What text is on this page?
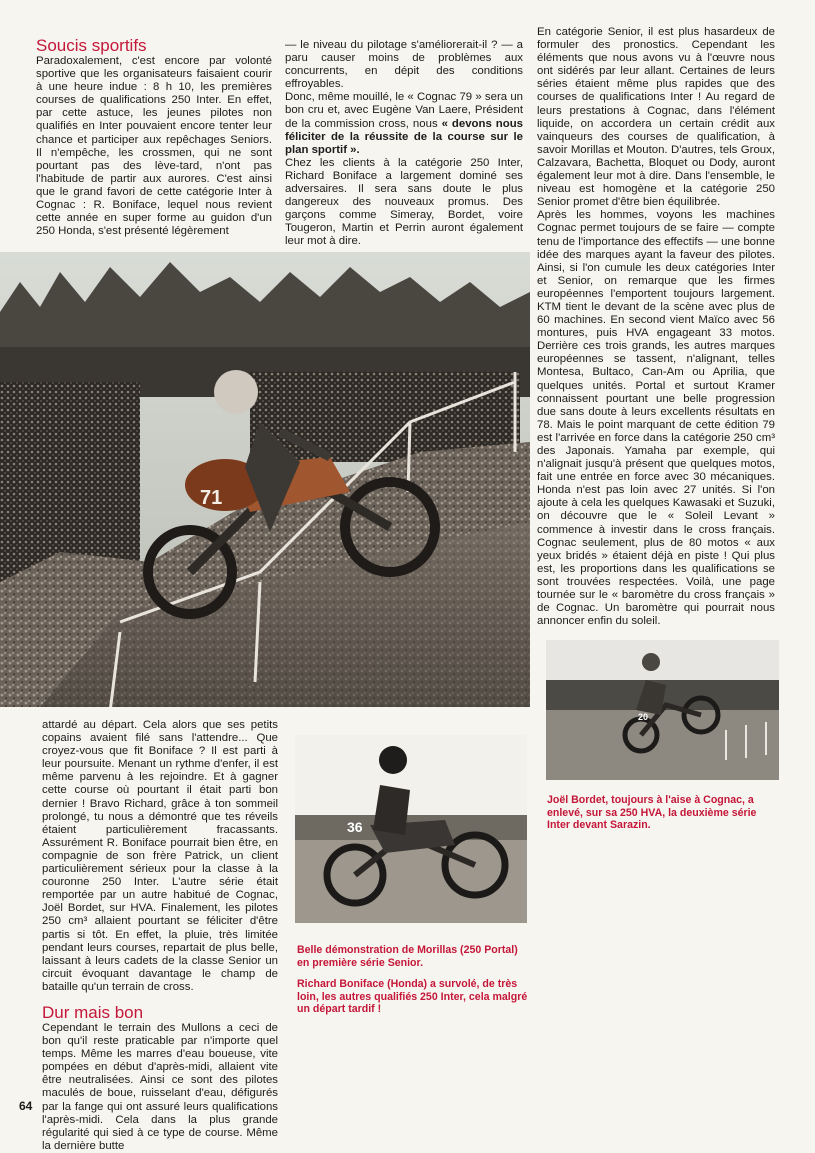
Soucis sportifs

Paradoxalement, c'est encore par volonté sportive que les organisateurs faisaient courir à une heure indue : 8 h 10, les premières courses de qualifications 250 Inter. En effet, par cette astuce, les jeunes pilotes non qualifiés en Inter pouvaient encore tenter leur chance et participer aux repêchages Seniors. Il n'empêche, les crossmen, qui ne sont pourtant pas des lève-tard, n'ont pas l'habitude de partir aux aurores. C'est ainsi que le grand favori de cette catégorie Inter à Cognac : R. Boniface, lequel nous revient cette année en super forme au guidon d'un 250 Honda, s'est présenté légèrement

— le niveau du pilotage s'améliorerait-il ? — a paru causer moins de problèmes aux concurrents, en dépit des conditions effroyables.

Donc, même mouillé, le « Cognac 79 » sera un bon cru et, avec Eugène Van Laere, Président de la commission cross, nous « devons nous féliciter de la réussite de la course sur le plan sportif ».

Chez les clients à la catégorie 250 Inter, Richard Boniface a largement dominé ses adversaires. Il sera sans doute le plus dangereux des nouveaux promus. Des garçons comme Simeray, Bordet, voire Tougeron, Martin et Perrin auront également leur mot à dire.

En catégorie Senior, il est plus hasardeux de formuler des pronostics. Cependant les éléments que nous avons vu à l'œuvre nous ont sidérés par leur allant. Certaines de leurs séries étaient même plus rapides que des courses de qualifications Inter ! Au regard de leurs prestations à Cognac, dans l'élément liquide, on accordera un certain crédit aux vainqueurs des courses de qualification, à savoir Morillas et Mouton. D'autres, tels Groux, Calzavara, Bachetta, Bloquet ou Dody, auront également leur mot à dire. Dans l'ensemble, le niveau est homogène et la catégorie 250 Senior promet d'être bien équilibrée.

Après les hommes, voyons les machines Cognac permet toujours de se faire — compte tenu de l'importance des effectifs — une bonne idée des marques ayant la faveur des pilotes. Ainsi, si l'on cumule les deux catégories Inter et Senior, on remarque que les firmes européennes l'emportent toujours largement. KTM tient le devant de la scène avec plus de 60 machines. En second vient Maïco avec 56 montures, puis HVA engageant 33 motos. Derrière ces trois grands, les autres marques européennes se tassent, n'alignant, telles Montesa, Bultaco, Can-Am ou Aprilia, que quelques unités. Portal et surtout Kramer connaissent pourtant une belle progression due sans doute à leurs excellents résultats en 78. Mais le point marquant de cette édition 79 est l'arrivée en force dans la catégorie 250 cm³ des Japonais. Yamaha par exemple, qui n'alignait jusqu'à présent que quelques motos, fait une entrée en force avec 30 mécaniques. Honda n'est pas loin avec 27 unités. Si l'on ajoute à cela les quelques Kawasaki et Suzuki, on découvre que le « Soleil Levant » commence à investir dans le cross français. Cognac seulement, plus de 80 motos « aux yeux bridés » étaient déjà en piste ! Qui plus est, les proportions dans les qualifications se sont trouvées respectées. Voilà, une page tournée sur le « baromètre du cross français » de Cognac. Un baromètre qui pourrait nous annoncer enfin du soleil.

71
20
36

attardé au départ. Cela alors que ses petits copains avaient filé sans l'attendre... Que croyez-vous que fit Boniface ? Il est parti à leur poursuite. Menant un rythme d'enfer, il est même parvenu à les rejoindre. Et à gagner cette course où pourtant il était parti bon dernier ! Bravo Richard, grâce à ton sommeil prolongé, tu nous a démontré que tes réveils étaient particulièrement fracassants. Assurément R. Boniface pourrait bien être, en compagnie de son frère Patrick, un client particulièrement sérieux pour la classe à la couronne 250 Inter. L'autre série était remportée par un autre habitué de Cognac, Joël Bordet, sur HVA. Finalement, les pilotes 250 cm³ allaient pourtant se féliciter d'être partis si tôt. En effet, la pluie, très limitée pendant leurs courses, repartait de plus belle, laissant à leurs cadets de la classe Senior un circuit évoquant davantage le champ de bataille qu'un terrain de cross.

Dur mais bon

Cependant le terrain des Mullons a ceci de bon qu'il reste praticable par n'importe quel temps. Même les marres d'eau boueuse, vite pompées en début d'après-midi, allaient vite être neutralisées. Ainsi ce sont des pilotes maculés de boue, ruisselant d'eau, défigurés par la fange qui ont assuré leurs qualifications l'après-midi. Cela dans la plus grande régularité qui sied à ce type de course. Même la dernière butte

Belle démonstration de Morillas (250 Portal) en première série Senior.
Richard Boniface (Honda) a survolé, de très loin, les autres qualifiés 250 Inter, cela malgré un départ tardif !
Joël Bordet, toujours à l'aise à Cognac, a enlevé, sur sa 250 HVA, la deuxième série Inter devant Sarazin.
64
